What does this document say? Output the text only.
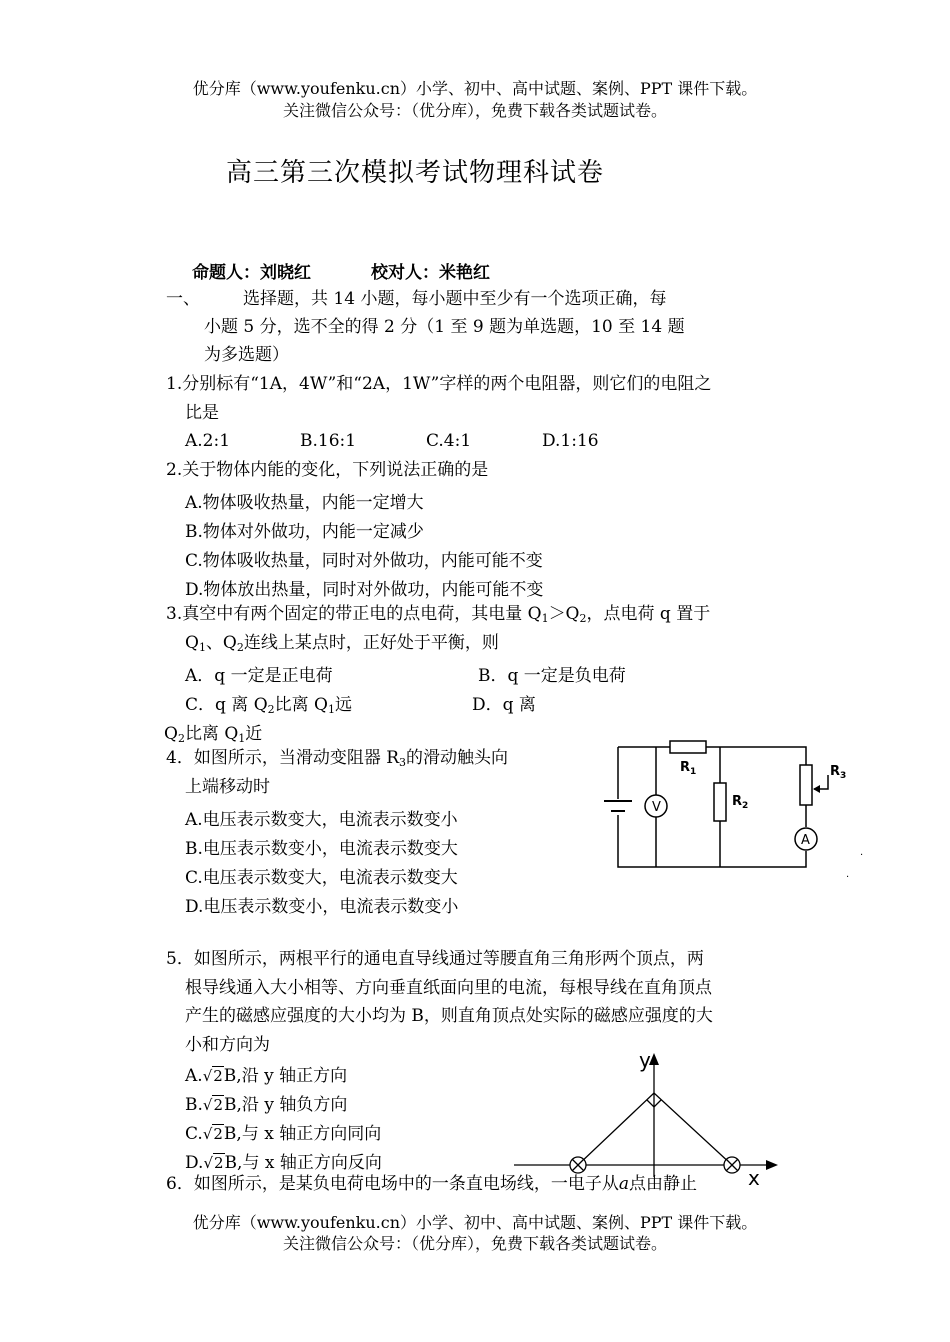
优分库（www.youfenku.cn）小学、初中、高中试题、案例、PPT 课件下载。
关注微信公众号：（优分库），免费下载各类试题试卷。
高三第三次模拟考试物理科试卷
命题人：刘晓红	校对人：米艳红
一、	选择题，共 14 小题，每小题中至少有一个选项正确，每
小题 5 分，选不全的得 2 分（1 至 9 题为单选题，10 至 14 题
为多选题）
1.分别标有“1A，4W”和“2A，1W”字样的两个电阻器，则它们的电阻之
比是
A.2:1	B.16:1	C.4:1	D.1:16
2.关于物体内能的变化，下列说法正确的是
A.物体吸收热量，内能一定增大
B.物体对外做功，内能一定减少
C.物体吸收热量，同时对外做功，内能可能不变
D.物体放出热量，同时对外做功，内能可能不变
3.真空中有两个固定的带正电的点电荷，其电量 $Q_1>Q_2$，点电荷 q 置于
$Q_1$、$Q_2$连线上某点时，正好处于平衡，则
A．q 一定是正电荷	B．q 一定是负电荷
C．q 离 $Q_2$比离 $Q_1$远	D．q 离
$Q_2$比离 $Q_1$近
4．如图所示，当滑动变阻器 $R_3$的滑动触头向
上端移动时
A.电压表示数变大，电流表示数变小
B.电压表示数变小，电流表示数变大
C.电压表示数变大，电流表示数变大
D.电压表示数变小，电流表示数变小
V
A
$R_1$
$R_2$
$R_3$
.
.
5．如图所示，两根平行的通电直导线通过等腰直角三角形两个顶点，两
根导线通入大小相等、方向垂直纸面向里的电流，每根导线在直角顶点
产生的磁感应强度的大小均为 B，则直角顶点处实际的磁感应强度的大
小和方向为
A.√2B,沿 y 轴正方向
B.√2B,沿 y 轴负方向
C.√2B,与 x 轴正方向同向
D.√2B,与 x 轴正方向反向
y
x
6．如图所示，是某负电荷电场中的一条直电场线，一电子从a点由静止
优分库（www.youfenku.cn）小学、初中、高中试题、案例、PPT 课件下载。
关注微信公众号：（优分库），免费下载各类试题试卷。
